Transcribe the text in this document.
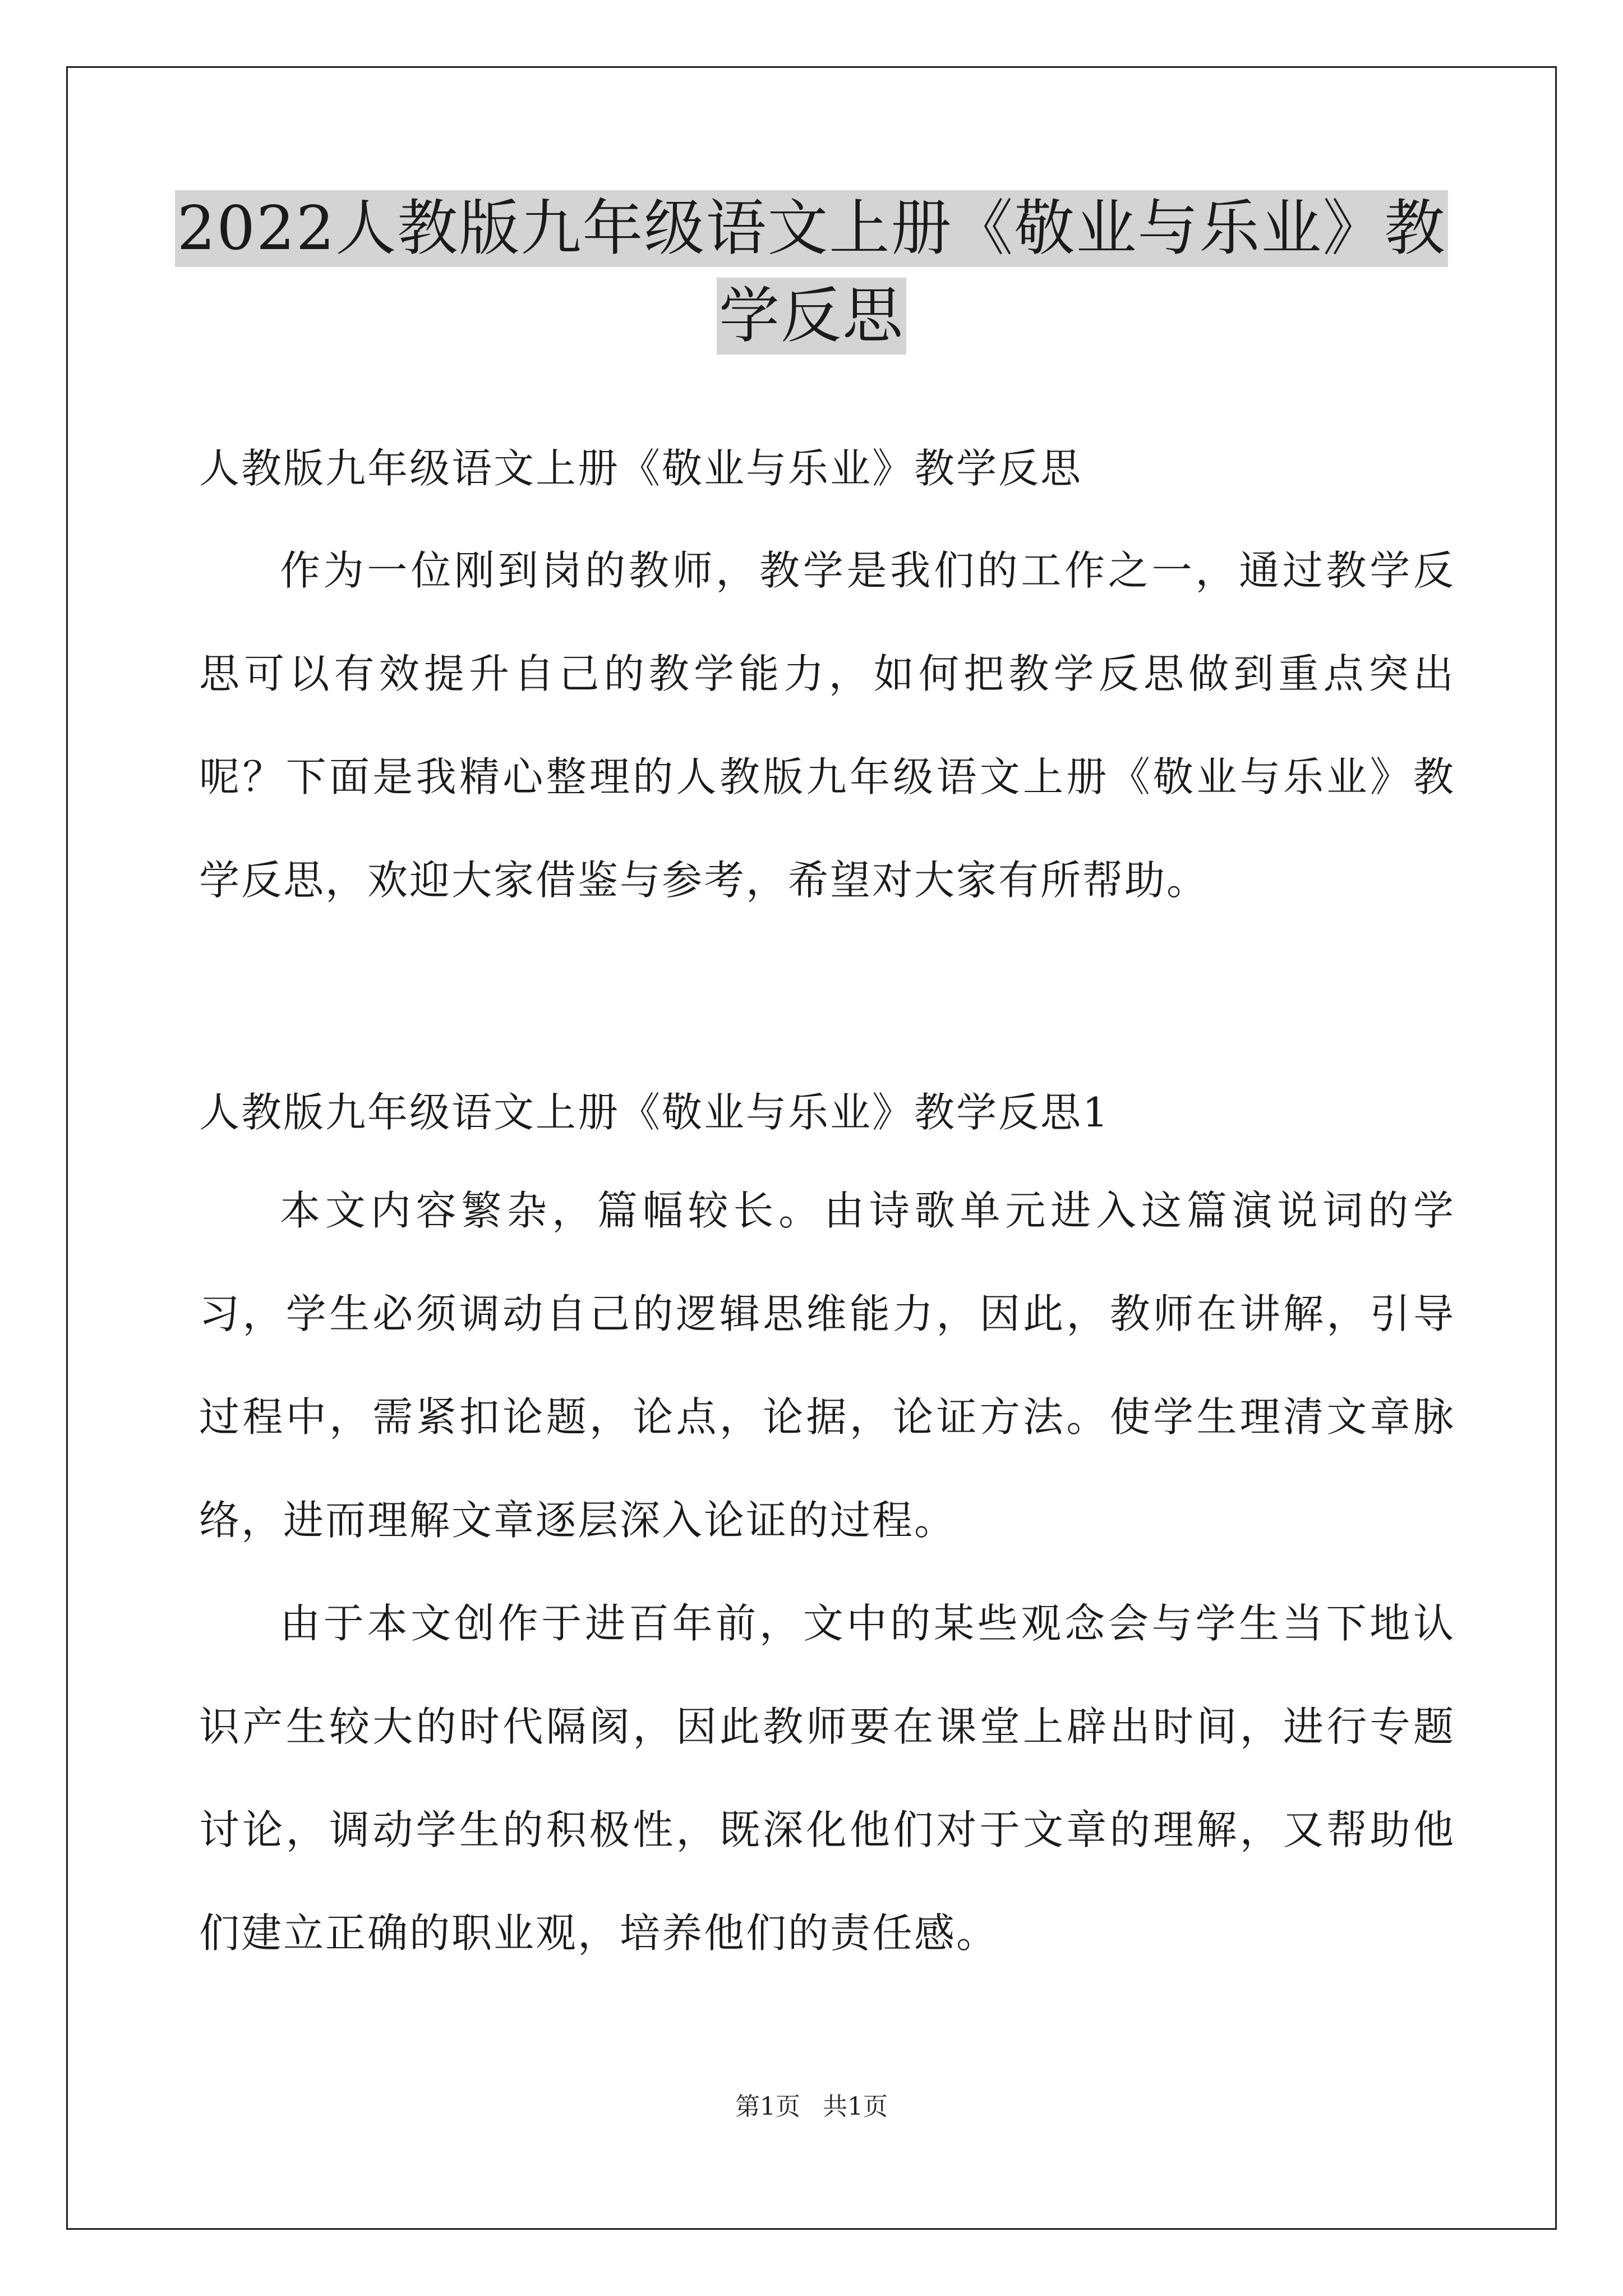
2022人教版九年级语文上册《敬业与乐业》教
学反思
人教版九年级语文上册《敬业与乐业》教学反思

作为一位刚到岗的教师，教学是我们的工作之一，通过教学反思可以有效提升自己的教学能力，如何把教学反思做到重点突出呢？下面是我精心整理的人教版九年级语文上册《敬业与乐业》教学反思，欢迎大家借鉴与参考，希望对大家有所帮助。

人教版九年级语文上册《敬业与乐业》教学反思1

本文内容繁杂，篇幅较长。由诗歌单元进入这篇演说词的学习，学生必须调动自己的逻辑思维能力，因此，教师在讲解，引导过程中，需紧扣论题，论点，论据，论证方法。使学生理清文章脉络，进而理解文章逐层深入论证的过程。

由于本文创作于进百年前，文中的某些观念会与学生当下地认识产生较大的时代隔阂，因此教师要在课堂上辟出时间，进行专题讨论，调动学生的积极性，既深化他们对于文章的理解，又帮助他们建立正确的职业观，培养他们的责任感。

第1页 共1页
